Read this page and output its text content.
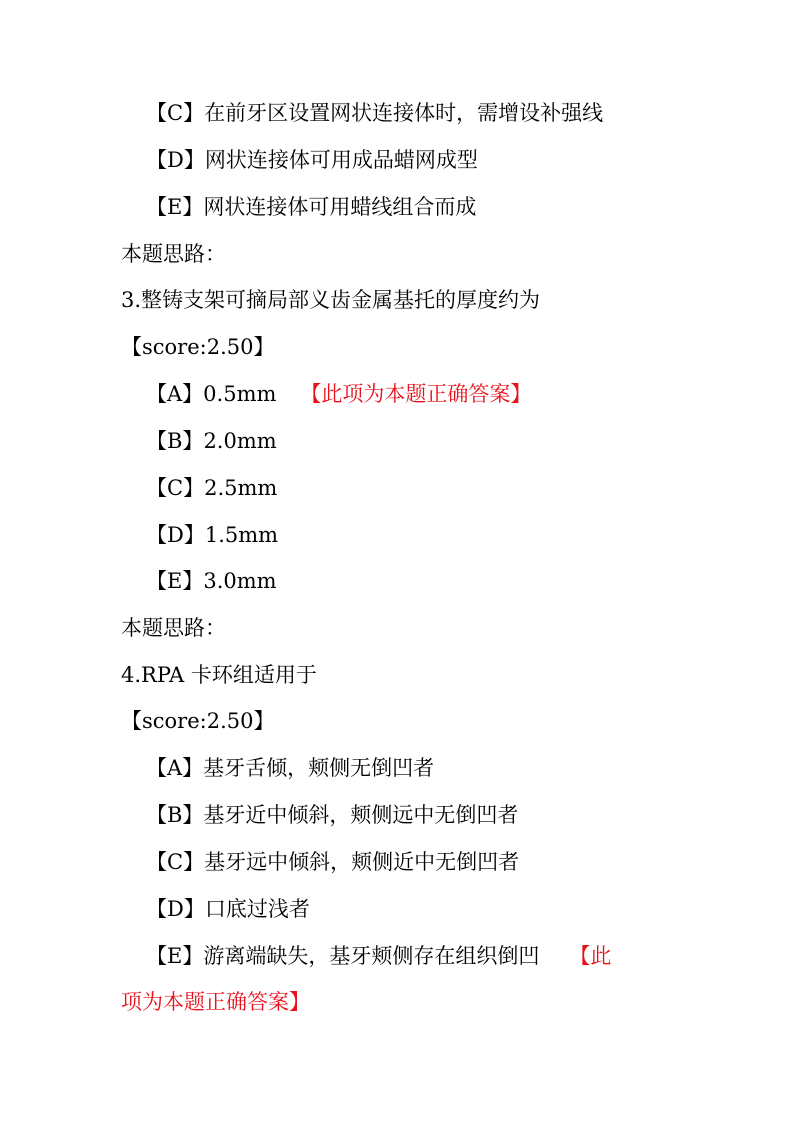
【C】在前牙区设置网状连接体时，需增设补强线
【D】网状连接体可用成品蜡网成型
【E】网状连接体可用蜡线组合而成
本题思路：
3.整铸支架可摘局部义齿金属基托的厚度约为
【score:2.50】
【A】0.5mm 【此项为本题正确答案】
【B】2.0mm
【C】2.5mm
【D】1.5mm
【E】3.0mm
本题思路：
4.RPA 卡环组适用于
【score:2.50】
【A】基牙舌倾，颊侧无倒凹者
【B】基牙近中倾斜，颊侧远中无倒凹者
【C】基牙远中倾斜，颊侧近中无倒凹者
【D】口底过浅者
【E】游离端缺失，基牙颊侧存在组织倒凹 【此
项为本题正确答案】
